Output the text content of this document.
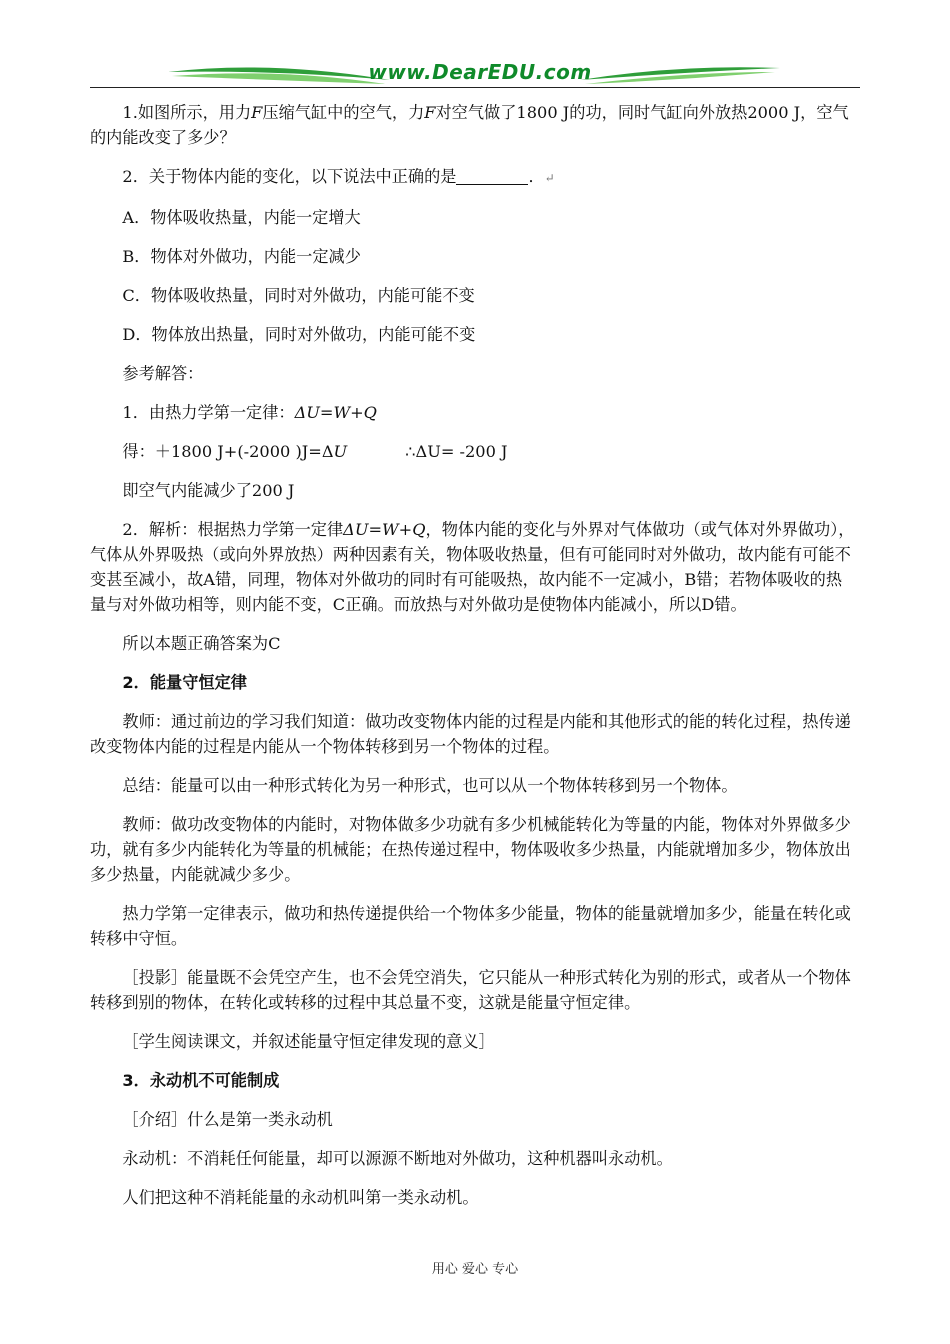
www.DearEDU.com

1.如图所示，用力F压缩气缸中的空气，力F对空气做了1800 J的功，同时气缸向外放热2000 J，空气的内能改变了多少？

2．关于物体内能的变化，以下说法中正确的是	．↵

A．物体吸收热量，内能一定增大

B．物体对外做功，内能一定减少

C．物体吸收热量，同时对外做功，内能可能不变

D．物体放出热量，同时对外做功，内能可能不变

参考解答：

1．由热力学第一定律：ΔU=W+Q

得：＋1800 J+(-2000 )J=ΔU	∴ΔU= -200 J

即空气内能减少了200 J

2．解析：根据热力学第一定律ΔU=W+Q，物体内能的变化与外界对气体做功（或气体对外界做功），气体从外界吸热（或向外界放热）两种因素有关，物体吸收热量，但有可能同时对外做功，故内能有可能不变甚至减小，故A错，同理，物体对外做功的同时有可能吸热，故内能不一定减小，B错；若物体吸收的热量与对外做功相等，则内能不变，C正确。而放热与对外做功是使物体内能减小，所以D错。

所以本题正确答案为C

2．能量守恒定律

教师：通过前边的学习我们知道：做功改变物体内能的过程是内能和其他形式的能的转化过程，热传递改变物体内能的过程是内能从一个物体转移到另一个物体的过程。

总结：能量可以由一种形式转化为另一种形式，也可以从一个物体转移到另一个物体。

教师：做功改变物体的内能时，对物体做多少功就有多少机械能转化为等量的内能，物体对外界做多少功，就有多少内能转化为等量的机械能；在热传递过程中，物体吸收多少热量，内能就增加多少，物体放出多少热量，内能就减少多少。

热力学第一定律表示，做功和热传递提供给一个物体多少能量，物体的能量就增加多少，能量在转化或转移中守恒。

［投影］能量既不会凭空产生，也不会凭空消失，它只能从一种形式转化为别的形式，或者从一个物体转移到别的物体，在转化或转移的过程中其总量不变，这就是能量守恒定律。

［学生阅读课文，并叙述能量守恒定律发现的意义］

3．永动机不可能制成

［介绍］什么是第一类永动机

永动机：不消耗任何能量，却可以源源不断地对外做功，这种机器叫永动机。

人们把这种不消耗能量的永动机叫第一类永动机。

用心 爱心 专心
